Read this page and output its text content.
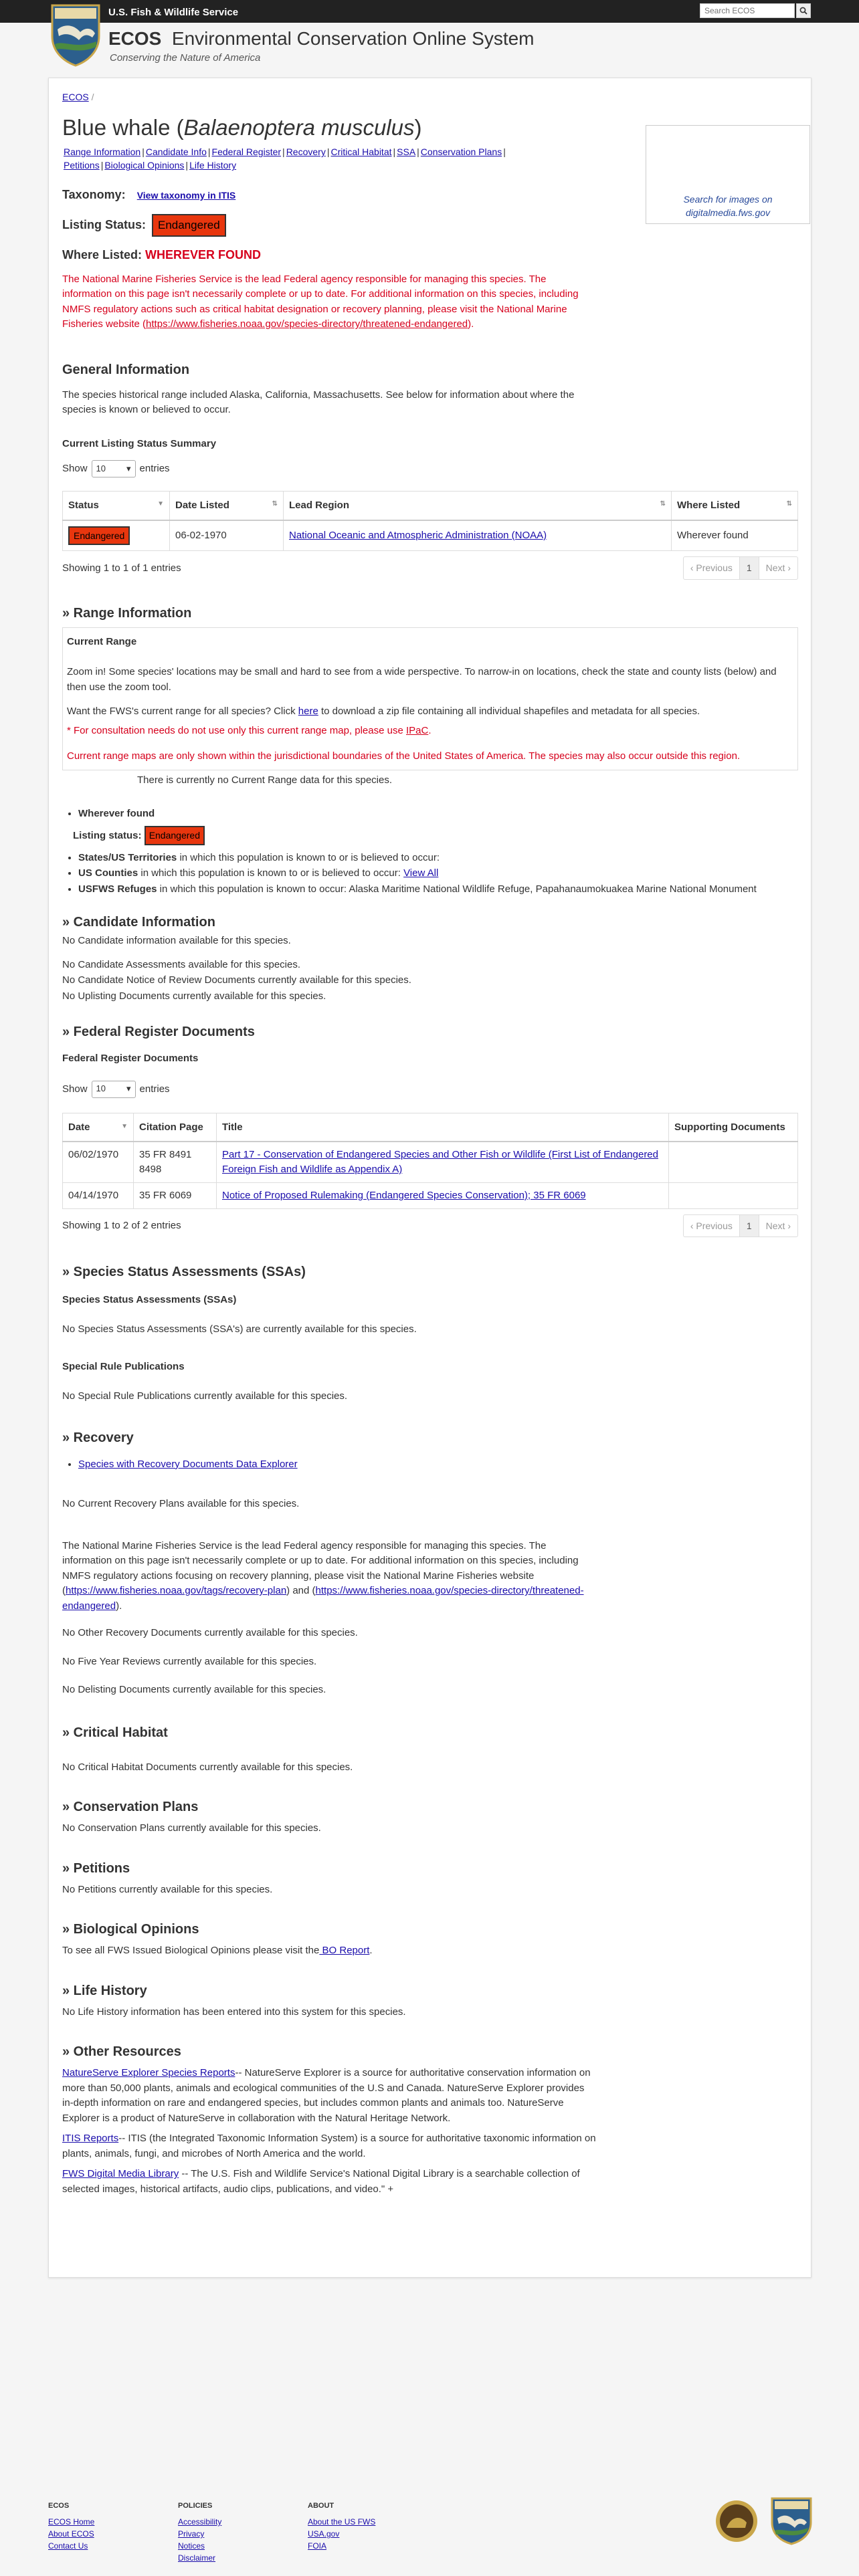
U.S. Fish & Wildlife Service
Search ECOS
ECOS Environmental Conservation Online System
Conserving the Nature of America
ECOS /
Blue whale (Balaenoptera musculus)
Range Information | Candidate Info | Federal Register | Recovery | Critical Habitat | SSA | Conservation Plans |
Petitions | Biological Opinions | Life History
Search for images on digitalmedia.fws.gov
Taxonomy: View taxonomy in ITIS
Listing Status: Endangered
Where Listed: WHEREVER FOUND

The National Marine Fisheries Service is the lead Federal agency responsible for managing this species. The information on this page isn't necessarily complete or up to date. For additional information on this species, including NMFS regulatory actions such as critical habitat designation or recovery planning, please visit the National Marine Fisheries website (https://www.fisheries.noaa.gov/species-directory/threatened-endangered).

General Information

The species historical range included Alaska, California, Massachusetts. See below for information about where the species is known or believed to occur.

Current Listing Status Summary
Show 10 ▾ entries
Status ▼	Date Listed ⇅	Lead Region ⇅	Where Listed ⇅

Endangered	06-02-1970	National Oceanic and Atmospheric Administration (NOAA)	Wherever found
Showing 1 to 1 of 1 entries	‹ Previous	1	Next ›
» Range Information
Current Range

Zoom in! Some species' locations may be small and hard to see from a wide perspective. To narrow-in on locations, check the state and county lists (below) and then use the zoom tool.

Want the FWS's current range for all species? Click here to download a zip file containing all individual shapefiles and metadata for all species.

* For consultation needs do not use only this current range map, please use IPaC.

Current range maps are only shown within the jurisdictional boundaries of the United States of America. The species may also occur outside this region.

There is currently no Current Range data for this species.
• Wherever found
Listing status: Endangered
• States/US Territories in which this population is known to or is believed to occur:
• US Counties in which this population is known to or is believed to occur: View All
• USFWS Refuges in which this population is known to occur: Alaska Maritime National Wildlife Refuge, Papahanaumokuakea Marine National Monument
» Candidate Information

No Candidate information available for this species.

No Candidate Assessments available for this species.

No Candidate Notice of Review Documents currently available for this species.

No Uplisting Documents currently available for this species.

» Federal Register Documents
Federal Register Documents
Show 10 ▾ entries
Date ▼	Citation Page	Title	Supporting Documents
06/02/1970	35 FR 8491 8498	Part 17 - Conservation of Endangered Species and Other Fish or Wildlife (First List of Endangered Foreign Fish and Wildlife as Appendix A)	
04/14/1970	35 FR 6069	Notice of Proposed Rulemaking (Endangered Species Conservation); 35 FR 6069	
Showing 1 to 2 of 2 entries	‹ Previous	1	Next ›
» Species Status Assessments (SSAs)
Species Status Assessments (SSAs)

No Species Status Assessments (SSA's) are currently available for this species.

Special Rule Publications

No Special Rule Publications currently available for this species.

» Recovery
• Species with Recovery Documents Data Explorer

No Current Recovery Plans available for this species.

The National Marine Fisheries Service is the lead Federal agency responsible for managing this species. The information on this page isn't necessarily complete or up to date. For additional information on this species, including NMFS regulatory actions focusing on recovery planning, please visit the National Marine Fisheries website (https://www.fisheries.noaa.gov/tags/recovery-plan) and (https://www.fisheries.noaa.gov/species-directory/threatened-endangered).

No Other Recovery Documents currently available for this species.

No Five Year Reviews currently available for this species.

No Delisting Documents currently available for this species.

» Critical Habitat

No Critical Habitat Documents currently available for this species.

» Conservation Plans

No Conservation Plans currently available for this species.

» Petitions

No Petitions currently available for this species.

» Biological Opinions

To see all FWS Issued Biological Opinions please visit the BO Report.

» Life History

No Life History information has been entered into this system for this species.

» Other Resources

NatureServe Explorer Species Reports-- NatureServe Explorer is a source for authoritative conservation information on more than 50,000 plants, animals and ecological communities of the U.S and Canada. NatureServe Explorer provides in-depth information on rare and endangered species, but includes common plants and animals too. NatureServe Explorer is a product of NatureServe in collaboration with the Natural Heritage Network.

ITIS Reports-- ITIS (the Integrated Taxonomic Information System) is a source for authoritative taxonomic information on plants, animals, fungi, and microbes of North America and the world.

FWS Digital Media Library -- The U.S. Fish and Wildlife Service's National Digital Library is a searchable collection of selected images, historical artifacts, audio clips, publications, and video." +

ECOS
ECOS Home
About ECOS
Contact Us
POLICIES
Accessibility
Privacy
Notices
Disclaimer
ABOUT
About the US FWS
USA.gov
FOIA
